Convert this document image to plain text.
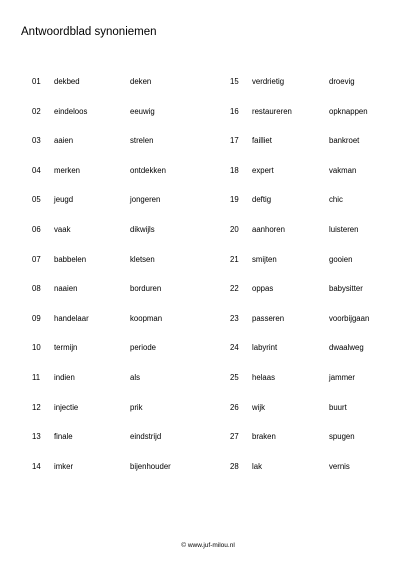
Antwoordblad synoniemen
01 dekbed	deken	15 verdrietig	droevig
02 eindeloos	eeuwig	16 restaureren	opknappen
03 aaien	strelen	17 failliet	bankroet
04 merken	ontdekken	18 expert	vakman
05 jeugd	jongeren	19 deftig	chic
06 vaak	dikwijls	20 aanhoren	luisteren
07 babbelen	kletsen	21 smijten	gooien
08 naaien	borduren	22 oppas	babysitter
09 handelaar	koopman	23 passeren	voorbijgaan
10 termijn	periode	24 labyrint	dwaalweg
11 indien	als	25 helaas	jammer
12 injectie	prik	26 wijk	buurt
13 finale	eindstrijd	27 braken	spugen
14 imker	bijenhouder	28 lak	vernis
© www.juf-milou.nl
